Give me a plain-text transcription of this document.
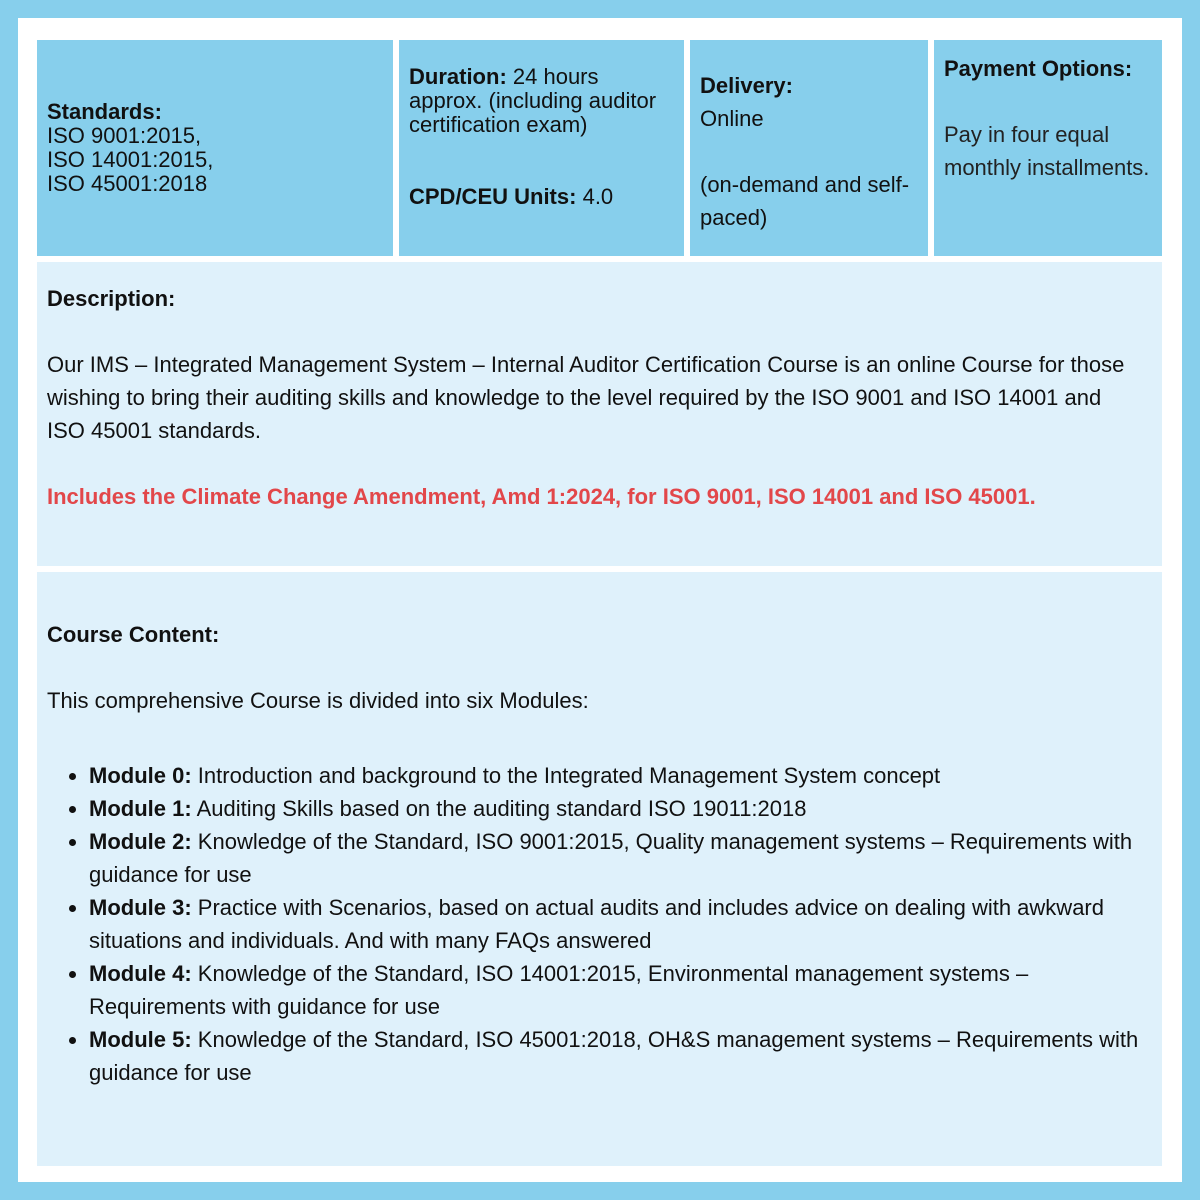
Standards:
ISO 9001:2015,
ISO 14001:2015,
ISO 45001:2018
Duration: 24 hours approx. (including auditor certification exam)
CPD/CEU Units: 4.0
Delivery:
Online

(on-demand and self-paced)
Payment Options:

Pay in four equal monthly installments.
Description:
Our IMS – Integrated Management System – Internal Auditor Certification Course is an online Course for those wishing to bring their auditing skills and knowledge to the level required by the ISO 9001 and ISO 14001 and ISO 45001 standards.
Includes the Climate Change Amendment, Amd 1:2024, for ISO 9001, ISO 14001 and ISO 45001.
Course Content:
This comprehensive Course is divided into six Modules:
• Module 0: Introduction and background to the Integrated Management System concept
• Module 1: Auditing Skills based on the auditing standard ISO 19011:2018
• Module 2: Knowledge of the Standard, ISO 9001:2015, Quality management systems – Requirements with guidance for use
• Module 3: Practice with Scenarios, based on actual audits and includes advice on dealing with awkward situations and individuals. And with many FAQs answered
• Module 4: Knowledge of the Standard, ISO 14001:2015, Environmental management systems – Requirements with guidance for use
• Module 5: Knowledge of the Standard, ISO 45001:2018, OH&S management systems – Requirements with guidance for use
